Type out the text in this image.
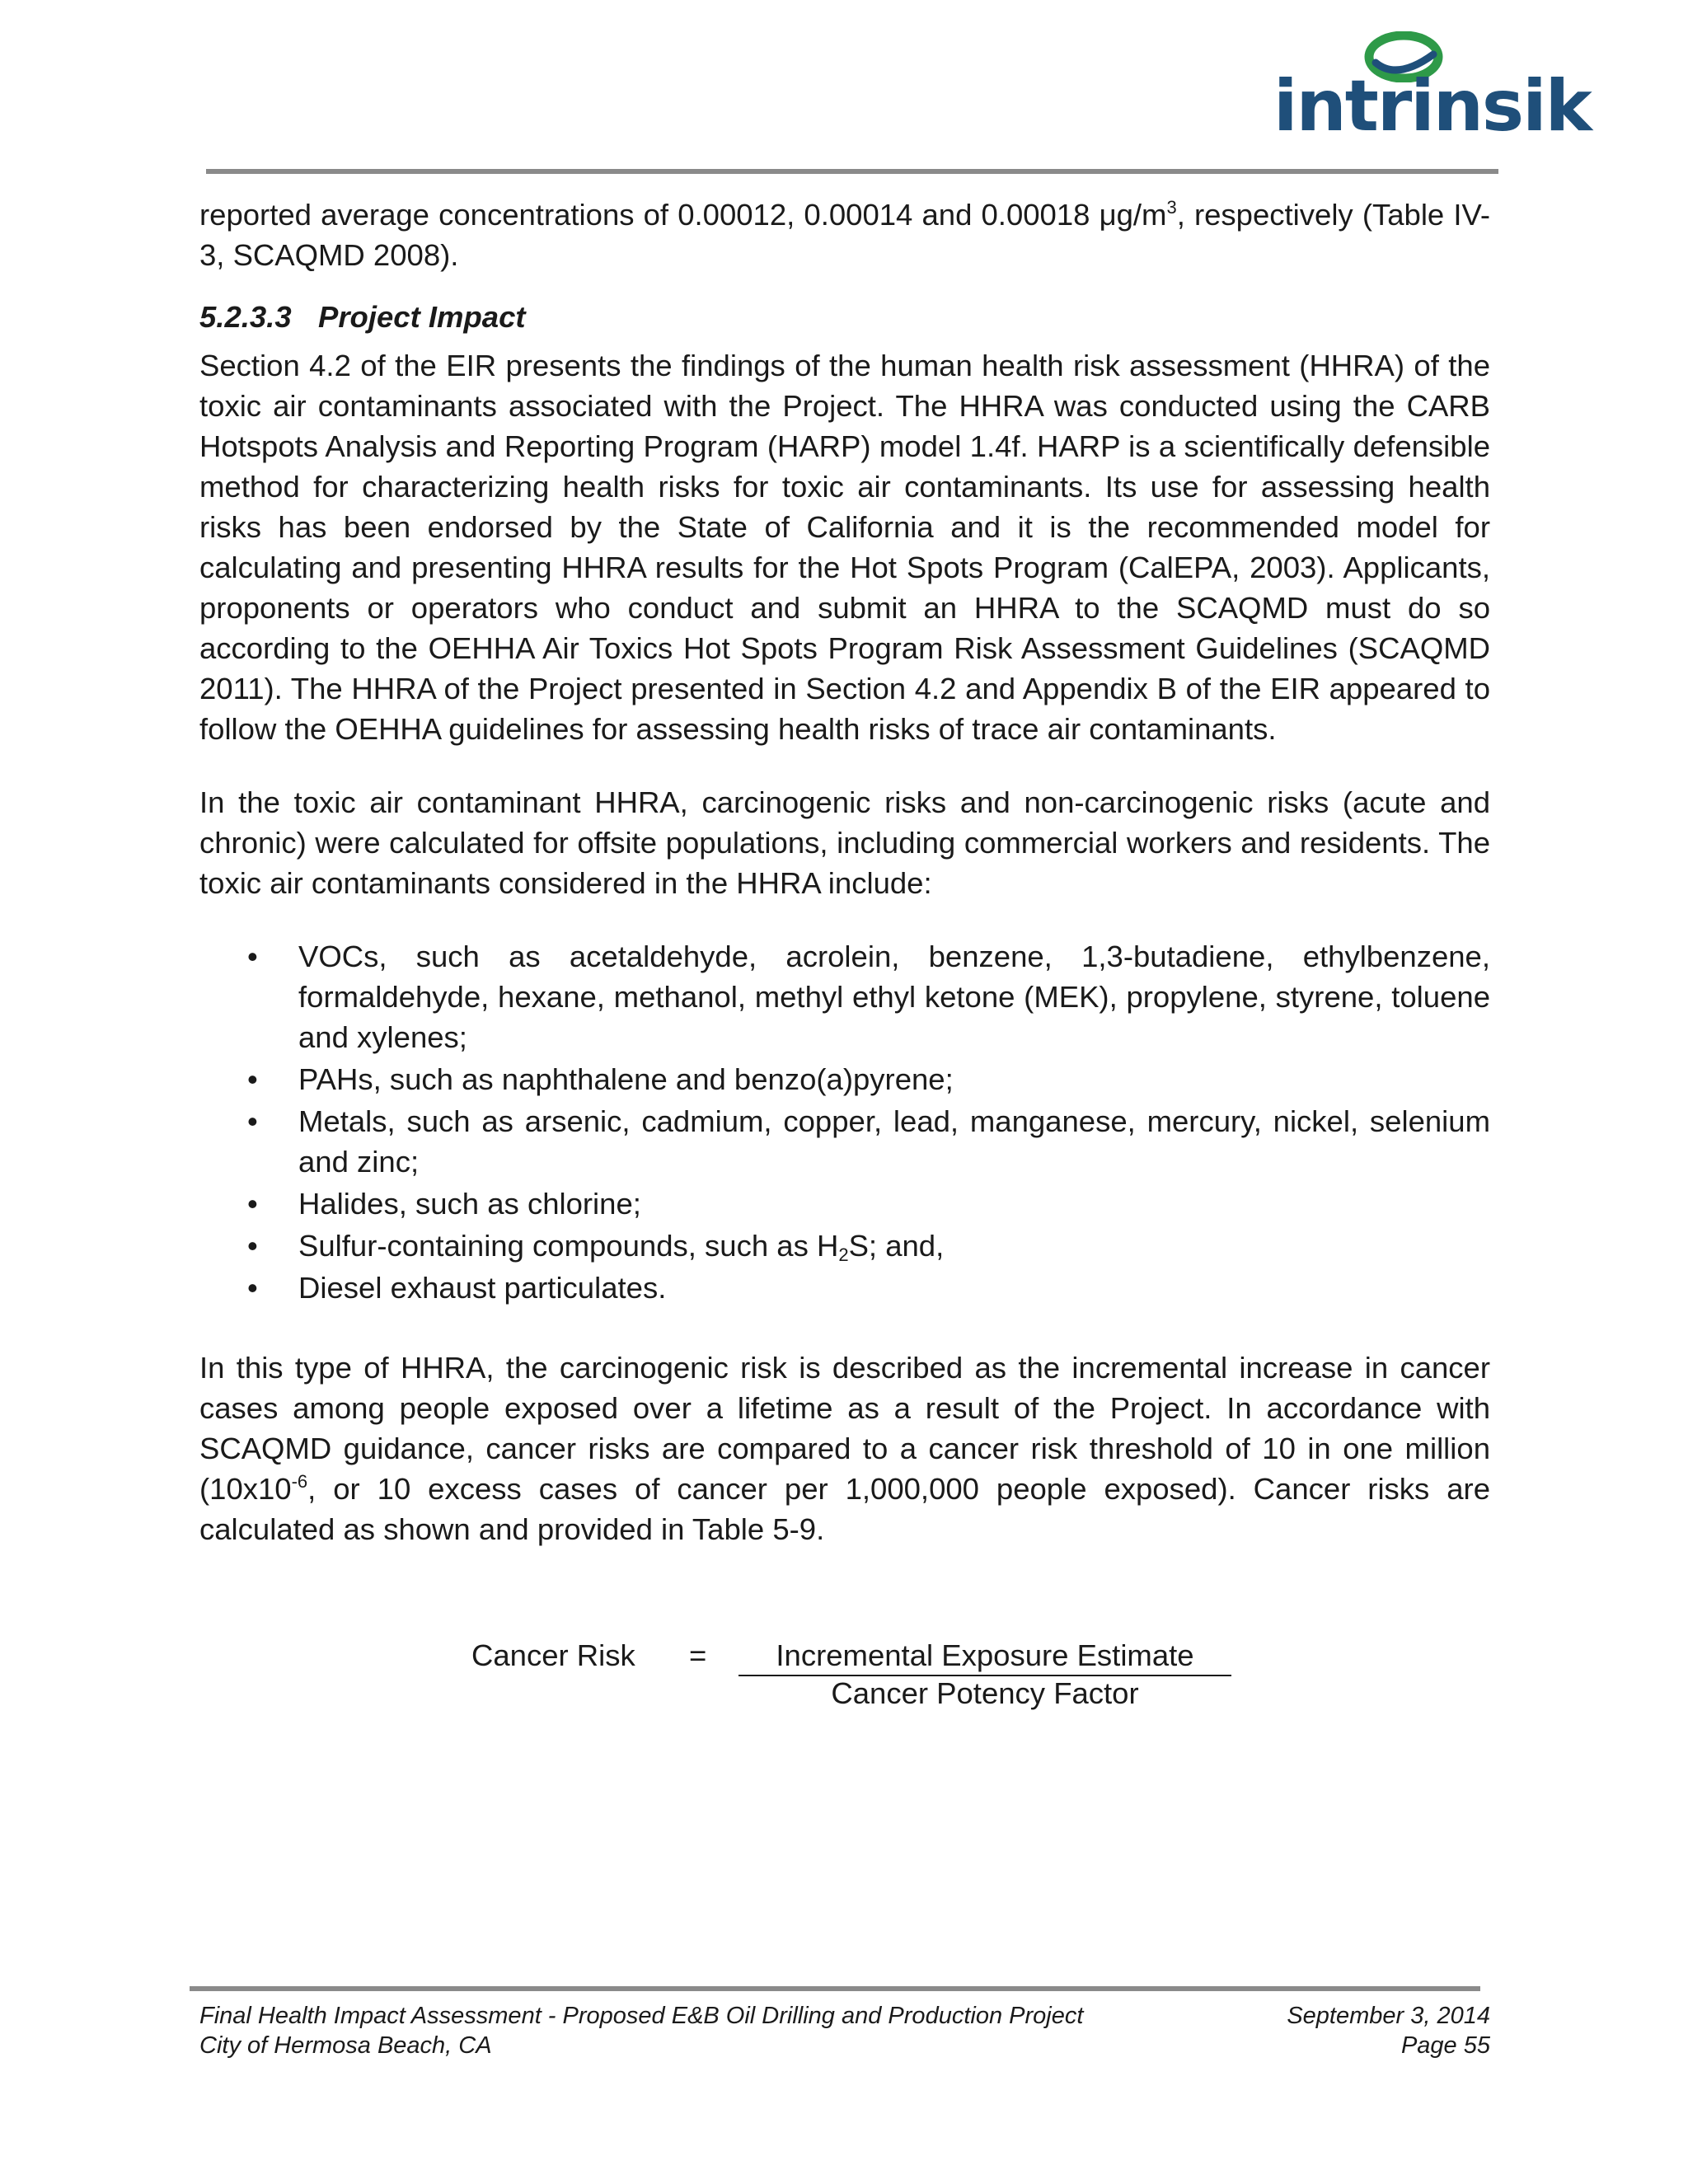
intrinsik

reported average concentrations of 0.00012, 0.00014 and 0.00018 $\mu g/m^3$, respectively (Table IV-3, SCAQMD 2008).

5.2.3.3 Project Impact

Section 4.2 of the EIR presents the findings of the human health risk assessment (HHRA) of the toxic air contaminants associated with the Project. The HHRA was conducted using the CARB Hotspots Analysis and Reporting Program (HARP) model 1.4f. HARP is a scientifically defensible method for characterizing health risks for toxic air contaminants. Its use for assessing health risks has been endorsed by the State of California and it is the recommended model for calculating and presenting HHRA results for the Hot Spots Program (CalEPA, 2003). Applicants, proponents or operators who conduct and submit an HHRA to the SCAQMD must do so according to the OEHHA Air Toxics Hot Spots Program Risk Assessment Guidelines (SCAQMD 2011). The HHRA of the Project presented in Section 4.2 and Appendix B of the EIR appeared to follow the OEHHA guidelines for assessing health risks of trace air contaminants.

In the toxic air contaminant HHRA, carcinogenic risks and non-carcinogenic risks (acute and chronic) were calculated for offsite populations, including commercial workers and residents. The toxic air contaminants considered in the HHRA include:

• VOCs, such as acetaldehyde, acrolein, benzene, 1,3-butadiene, ethylbenzene, formaldehyde, hexane, methanol, methyl ethyl ketone (MEK), propylene, styrene, toluene and xylenes;
• PAHs, such as naphthalene and benzo(a)pyrene;
• Metals, such as arsenic, cadmium, copper, lead, manganese, mercury, nickel, selenium and zinc;
• Halides, such as chlorine;
• Sulfur-containing compounds, such as $H_2S$; and,
• Diesel exhaust particulates.

In this type of HHRA, the carcinogenic risk is described as the incremental increase in cancer cases among people exposed over a lifetime as a result of the Project. In accordance with SCAQMD guidance, cancer risks are compared to a cancer risk threshold of 10 in one million ($10x10^{-6}$, or 10 excess cases of cancer per 1,000,000 people exposed). Cancer risks are calculated as shown and provided in Table 5-9.

Cancer Risk =	Incremental Exposure Estimate
Cancer Potency Factor
Final Health Impact Assessment - Proposed E&B Oil Drilling and Production Project	September 3, 2014
City of Hermosa Beach, CA	Page 55
